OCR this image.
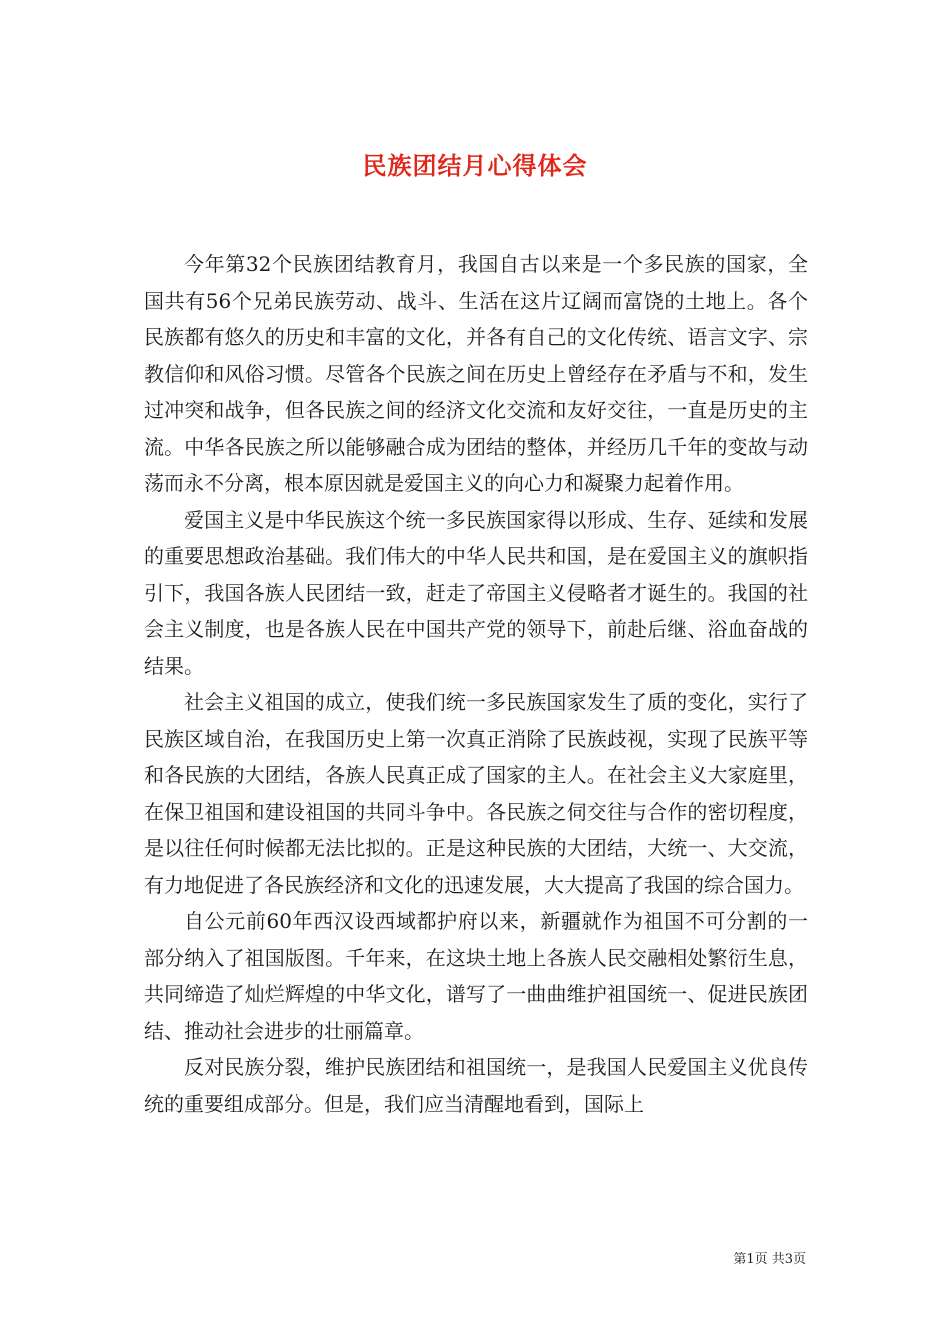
民族团结月心得体会

今年第32个民族团结教育月，我国自古以来是一个多民族的国家，全国共有56个兄弟民族劳动、战斗、生活在这片辽阔而富饶的土地上。各个民族都有悠久的历史和丰富的文化，并各有自己的文化传统、语言文字、宗教信仰和风俗习惯。尽管各个民族之间在历史上曾经存在矛盾与不和，发生过冲突和战争，但各民族之间的经济文化交流和友好交往，一直是历史的主流。中华各民族之所以能够融合成为团结的整体，并经历几千年的变故与动荡而永不分离，根本原因就是爱国主义的向心力和凝聚力起着作用。

爱国主义是中华民族这个统一多民族国家得以形成、生存、延续和发展的重要思想政治基础。我们伟大的中华人民共和国，是在爱国主义的旗帜指引下，我国各族人民团结一致，赶走了帝国主义侵略者才诞生的。我国的社会主义制度，也是各族人民在中国共产党的领导下，前赴后继、浴血奋战的结果。

社会主义祖国的成立，使我们统一多民族国家发生了质的变化，实行了民族区域自治，在我国历史上第一次真正消除了民族歧视，实现了民族平等和各民族的大团结，各族人民真正成了国家的主人。在社会主义大家庭里，在保卫祖国和建设祖国的共同斗争中。各民族之伺交往与合作的密切程度，是以往任何时候都无法比拟的。正是这种民族的大团结，大统一、大交流，有力地促进了各民族经济和文化的迅速发展，大大提高了我国的综合国力。

自公元前60年西汉设西域都护府以来，新疆就作为祖国不可分割的一部分纳入了祖国版图。千年来，在这块土地上各族人民交融相处繁衍生息，共同缔造了灿烂辉煌的中华文化，谱写了一曲曲维护祖国统一、促进民族团结、推动社会进步的壮丽篇章。

反对民族分裂，维护民族团结和祖国统一，是我国人民爱国主义优良传统的重要组成部分。但是，我们应当清醒地看到，国际上

第1页 共3页
